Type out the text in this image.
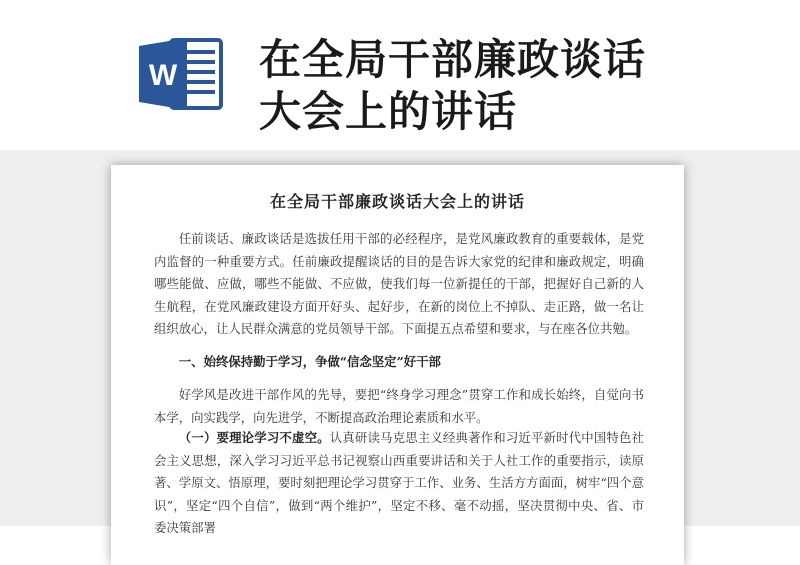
W 在全局干部廉政谈话
大会上的讲话
在全局干部廉政谈话大会上的讲话

任前谈话、廉政谈话是选拔任用干部的必经程序，是党风廉政教育的重要载体，是党内监督的一种重要方式。任前廉政提醒谈话的目的是告诉大家党的纪律和廉政规定，明确哪些能做、应做，哪些不能做、不应做，使我们每一位新提任的干部，把握好自己新的人生航程，在党风廉政建设方面开好头、起好步，在新的岗位上不掉队、走正路，做一名让组织放心，让人民群众满意的党员领导干部。下面提五点希望和要求，与在座各位共勉。

一、始终保持勤于学习，争做“信念坚定”好干部

好学风是改进干部作风的先导，要把“终身学习理念”贯穿工作和成长始终，自觉向书本学，向实践学，向先进学，不断提高政治理论素质和水平。

（一）要理论学习不虚空。认真研读马克思主义经典著作和习近平新时代中国特色社会主义思想，深入学习习近平总书记视察山西重要讲话和关于人社工作的重要指示，读原著、学原文、悟原理，要时刻把理论学习贯穿于工作、业务、生活方方面面，树牢“四个意识”，坚定“四个自信”，做到“两个维护”，坚定不移、毫不动摇，坚决贯彻中央、省、市委决策部署
